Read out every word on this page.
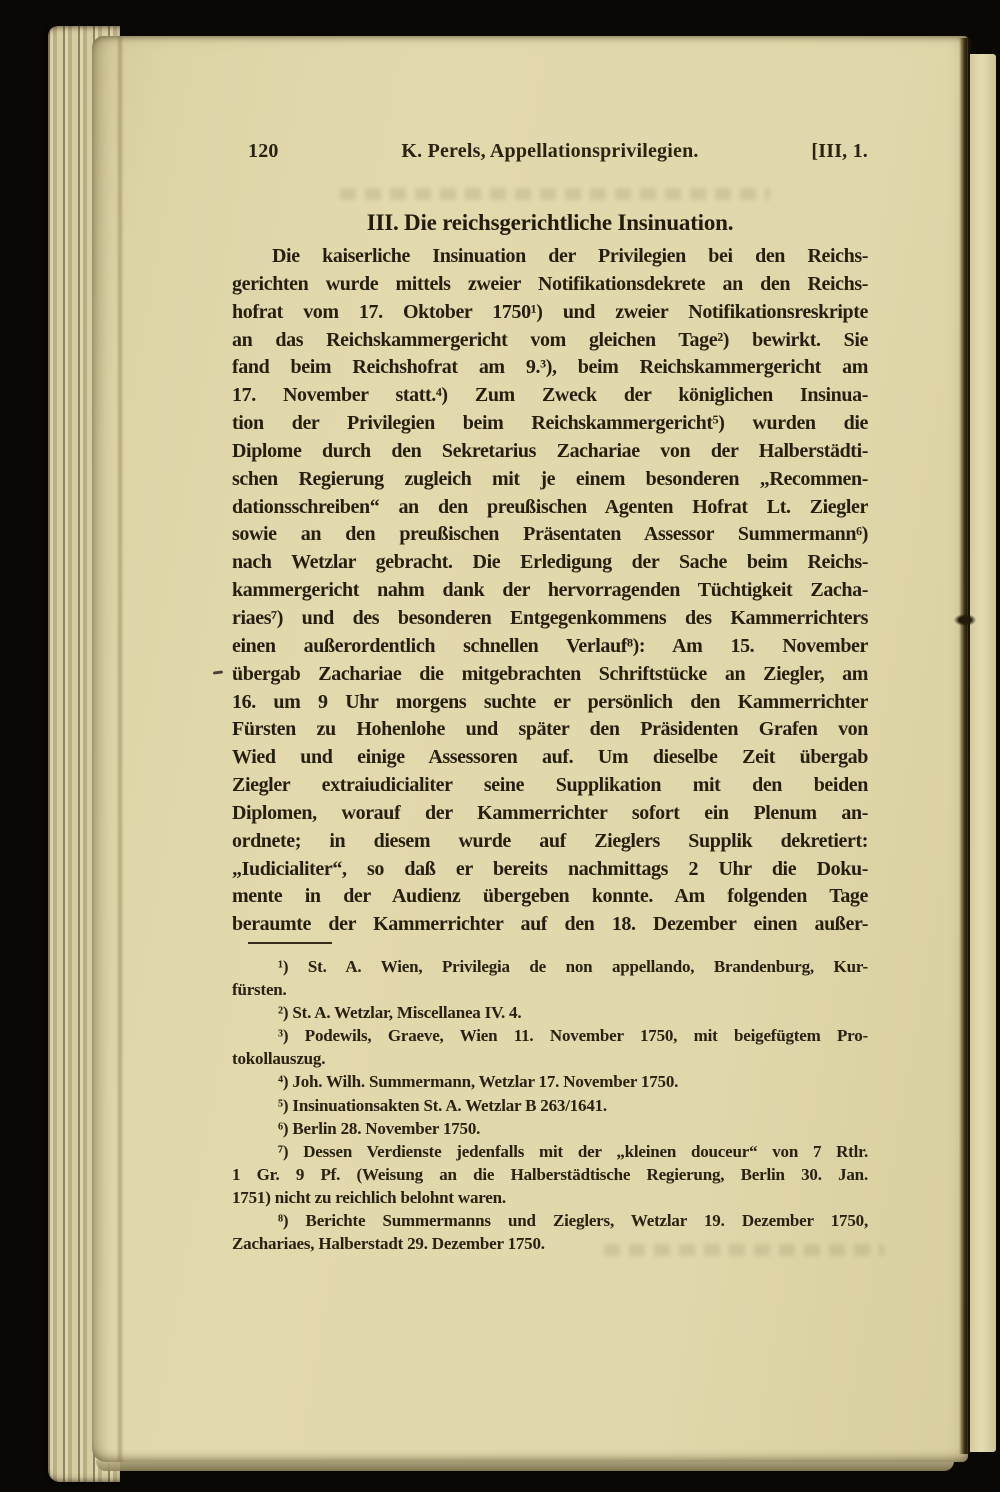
120	K. Perels, Appellationsprivilegien.	[III, 1.
III. Die reichsgerichtliche Insinuation.
Die kaiserliche Insinuation der Privilegien bei den Reichs-
gerichten wurde mittels zweier Notifikationsdekrete an den Reichs-
hofrat vom 17. Oktober 1750¹) und zweier Notifikationsreskripte
an das Reichskammergericht vom gleichen Tage²) bewirkt. Sie
fand beim Reichshofrat am 9.³), beim Reichskammergericht am
17. November statt.⁴) Zum Zweck der königlichen Insinua-
tion der Privilegien beim Reichskammergericht⁵) wurden die
Diplome durch den Sekretarius Zachariae von der Halberstädti-
schen Regierung zugleich mit je einem besonderen „Recommen-
dationsschreiben“ an den preußischen Agenten Hofrat Lt. Ziegler
sowie an den preußischen Präsentaten Assessor Summermann⁶)
nach Wetzlar gebracht. Die Erledigung der Sache beim Reichs-
kammergericht nahm dank der hervorragenden Tüchtigkeit Zacha-
riaes⁷) und des besonderen Entgegenkommens des Kammerrichters
einen außerordentlich schnellen Verlauf⁸): Am 15. November
übergab Zachariae die mitgebrachten Schriftstücke an Ziegler, am
16. um 9 Uhr morgens suchte er persönlich den Kammerrichter
Fürsten zu Hohenlohe und später den Präsidenten Grafen von
Wied und einige Assessoren auf. Um dieselbe Zeit übergab
Ziegler extraiudicialiter seine Supplikation mit den beiden
Diplomen, worauf der Kammerrichter sofort ein Plenum an-
ordnete; in diesem wurde auf Zieglers Supplik dekretiert:
„Iudicialiter“, so daß er bereits nachmittags 2 Uhr die Doku-
mente in der Audienz übergeben konnte. Am folgenden Tage
beraumte der Kammerrichter auf den 18. Dezember einen außer-
¹) St. A. Wien, Privilegia de non appellando, Brandenburg, Kur-
fürsten.
²) St. A. Wetzlar, Miscellanea IV. 4.
³) Podewils, Graeve, Wien 11. November 1750, mit beigefügtem Pro-
tokollauszug.
⁴) Joh. Wilh. Summermann, Wetzlar 17. November 1750.
⁵) Insinuationsakten St. A. Wetzlar B 263/1641.
⁶) Berlin 28. November 1750.
⁷) Dessen Verdienste jedenfalls mit der „kleinen douceur“ von 7 Rtlr.
1 Gr. 9 Pf. (Weisung an die Halberstädtische Regierung, Berlin 30. Jan.
1751) nicht zu reichlich belohnt waren.
⁸) Berichte Summermanns und Zieglers, Wetzlar 19. Dezember 1750,
Zachariaes, Halberstadt 29. Dezember 1750.
